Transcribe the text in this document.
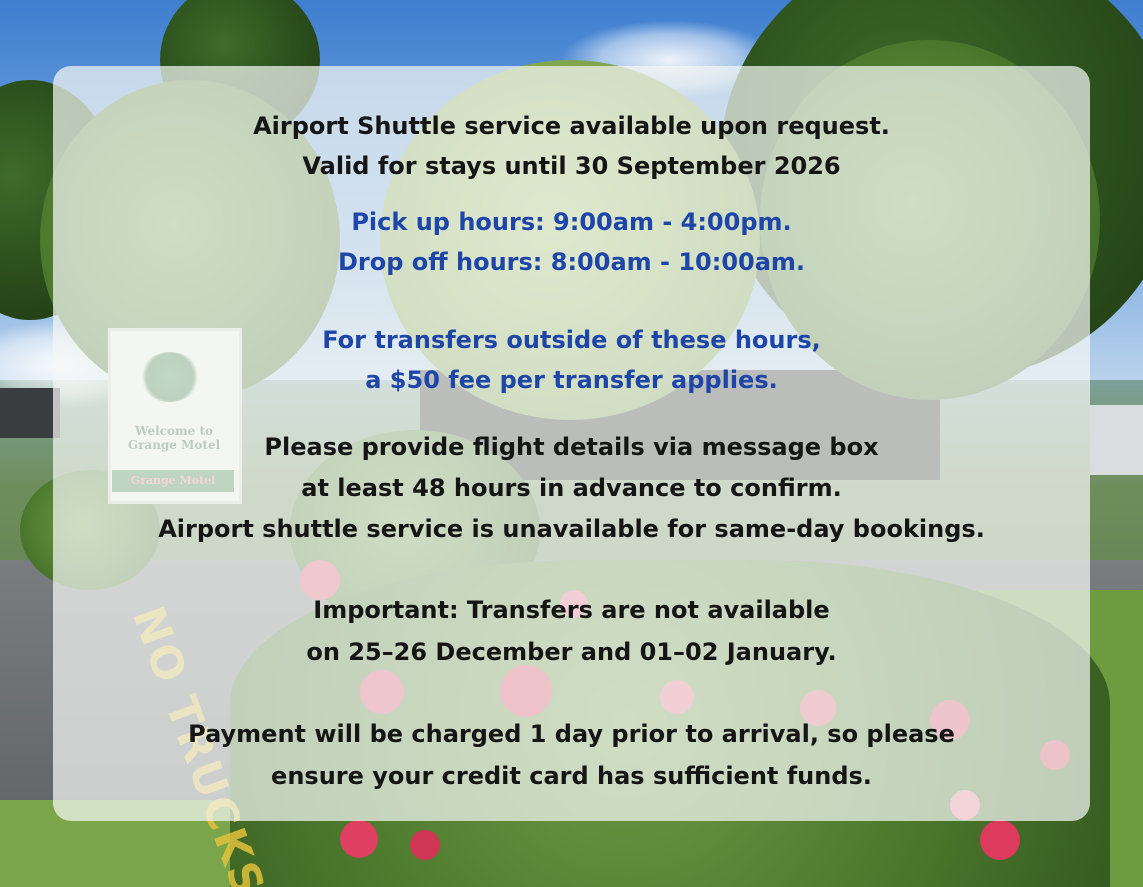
Airport Shuttle service available upon request.
Valid for stays until 30 September 2026
Pick up hours: 9:00am - 4:00pm.
Drop off hours: 8:00am - 10:00am.
For transfers outside of these hours,
a $50 fee per transfer applies.
Please provide flight details via message box
at least 48 hours in advance to confirm.
Airport shuttle service is unavailable for same-day bookings.
Important: Transfers are not available
on 25–26 December and 01–02 January.
Payment will be charged 1 day prior to arrival, so please
ensure your credit card has sufficient funds.
